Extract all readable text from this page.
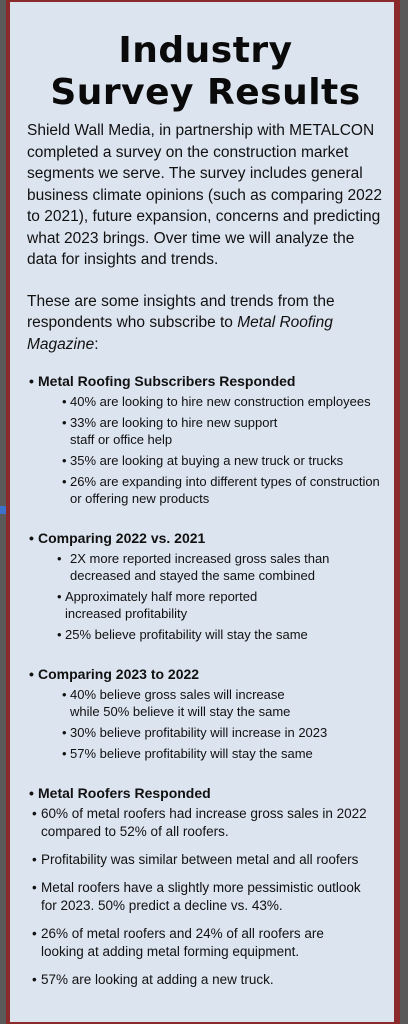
Industry
Survey Results

Shield Wall Media, in partnership with METALCON completed a survey on the construction market segments we serve. The survey includes general business climate opinions (such as comparing 2022 to 2021), future expansion, concerns and predicting what 2023 brings. Over time we will analyze the data for insights and trends.

These are some insights and trends from the respondents who subscribe to Metal Roofing Magazine:

• Metal Roofing Subscribers Responded
• 40% are looking to hire new construction employees
• 33% are looking to hire new support staff or office help
• 35% are looking at buying a new truck or trucks
• 26% are expanding into different types of construction or offering new products
• Comparing 2022 vs. 2021
• 2X more reported increased gross sales than decreased and stayed the same combined
• Approximately half more reported increased profitability
• 25% believe profitability will stay the same
• Comparing 2023 to 2022
• 40% believe gross sales will increase while 50% believe it will stay the same
• 30% believe profitability will increase in 2023
• 57% believe profitability will stay the same
• Metal Roofers Responded
• 60% of metal roofers had increase gross sales in 2022 compared to 52% of all roofers.
• Profitability was similar between metal and all roofers
• Metal roofers have a slightly more pessimistic outlook for 2023. 50% predict a decline vs. 43%.
• 26% of metal roofers and 24% of all roofers are looking at adding metal forming equipment.
• 57% are looking at adding a new truck.
